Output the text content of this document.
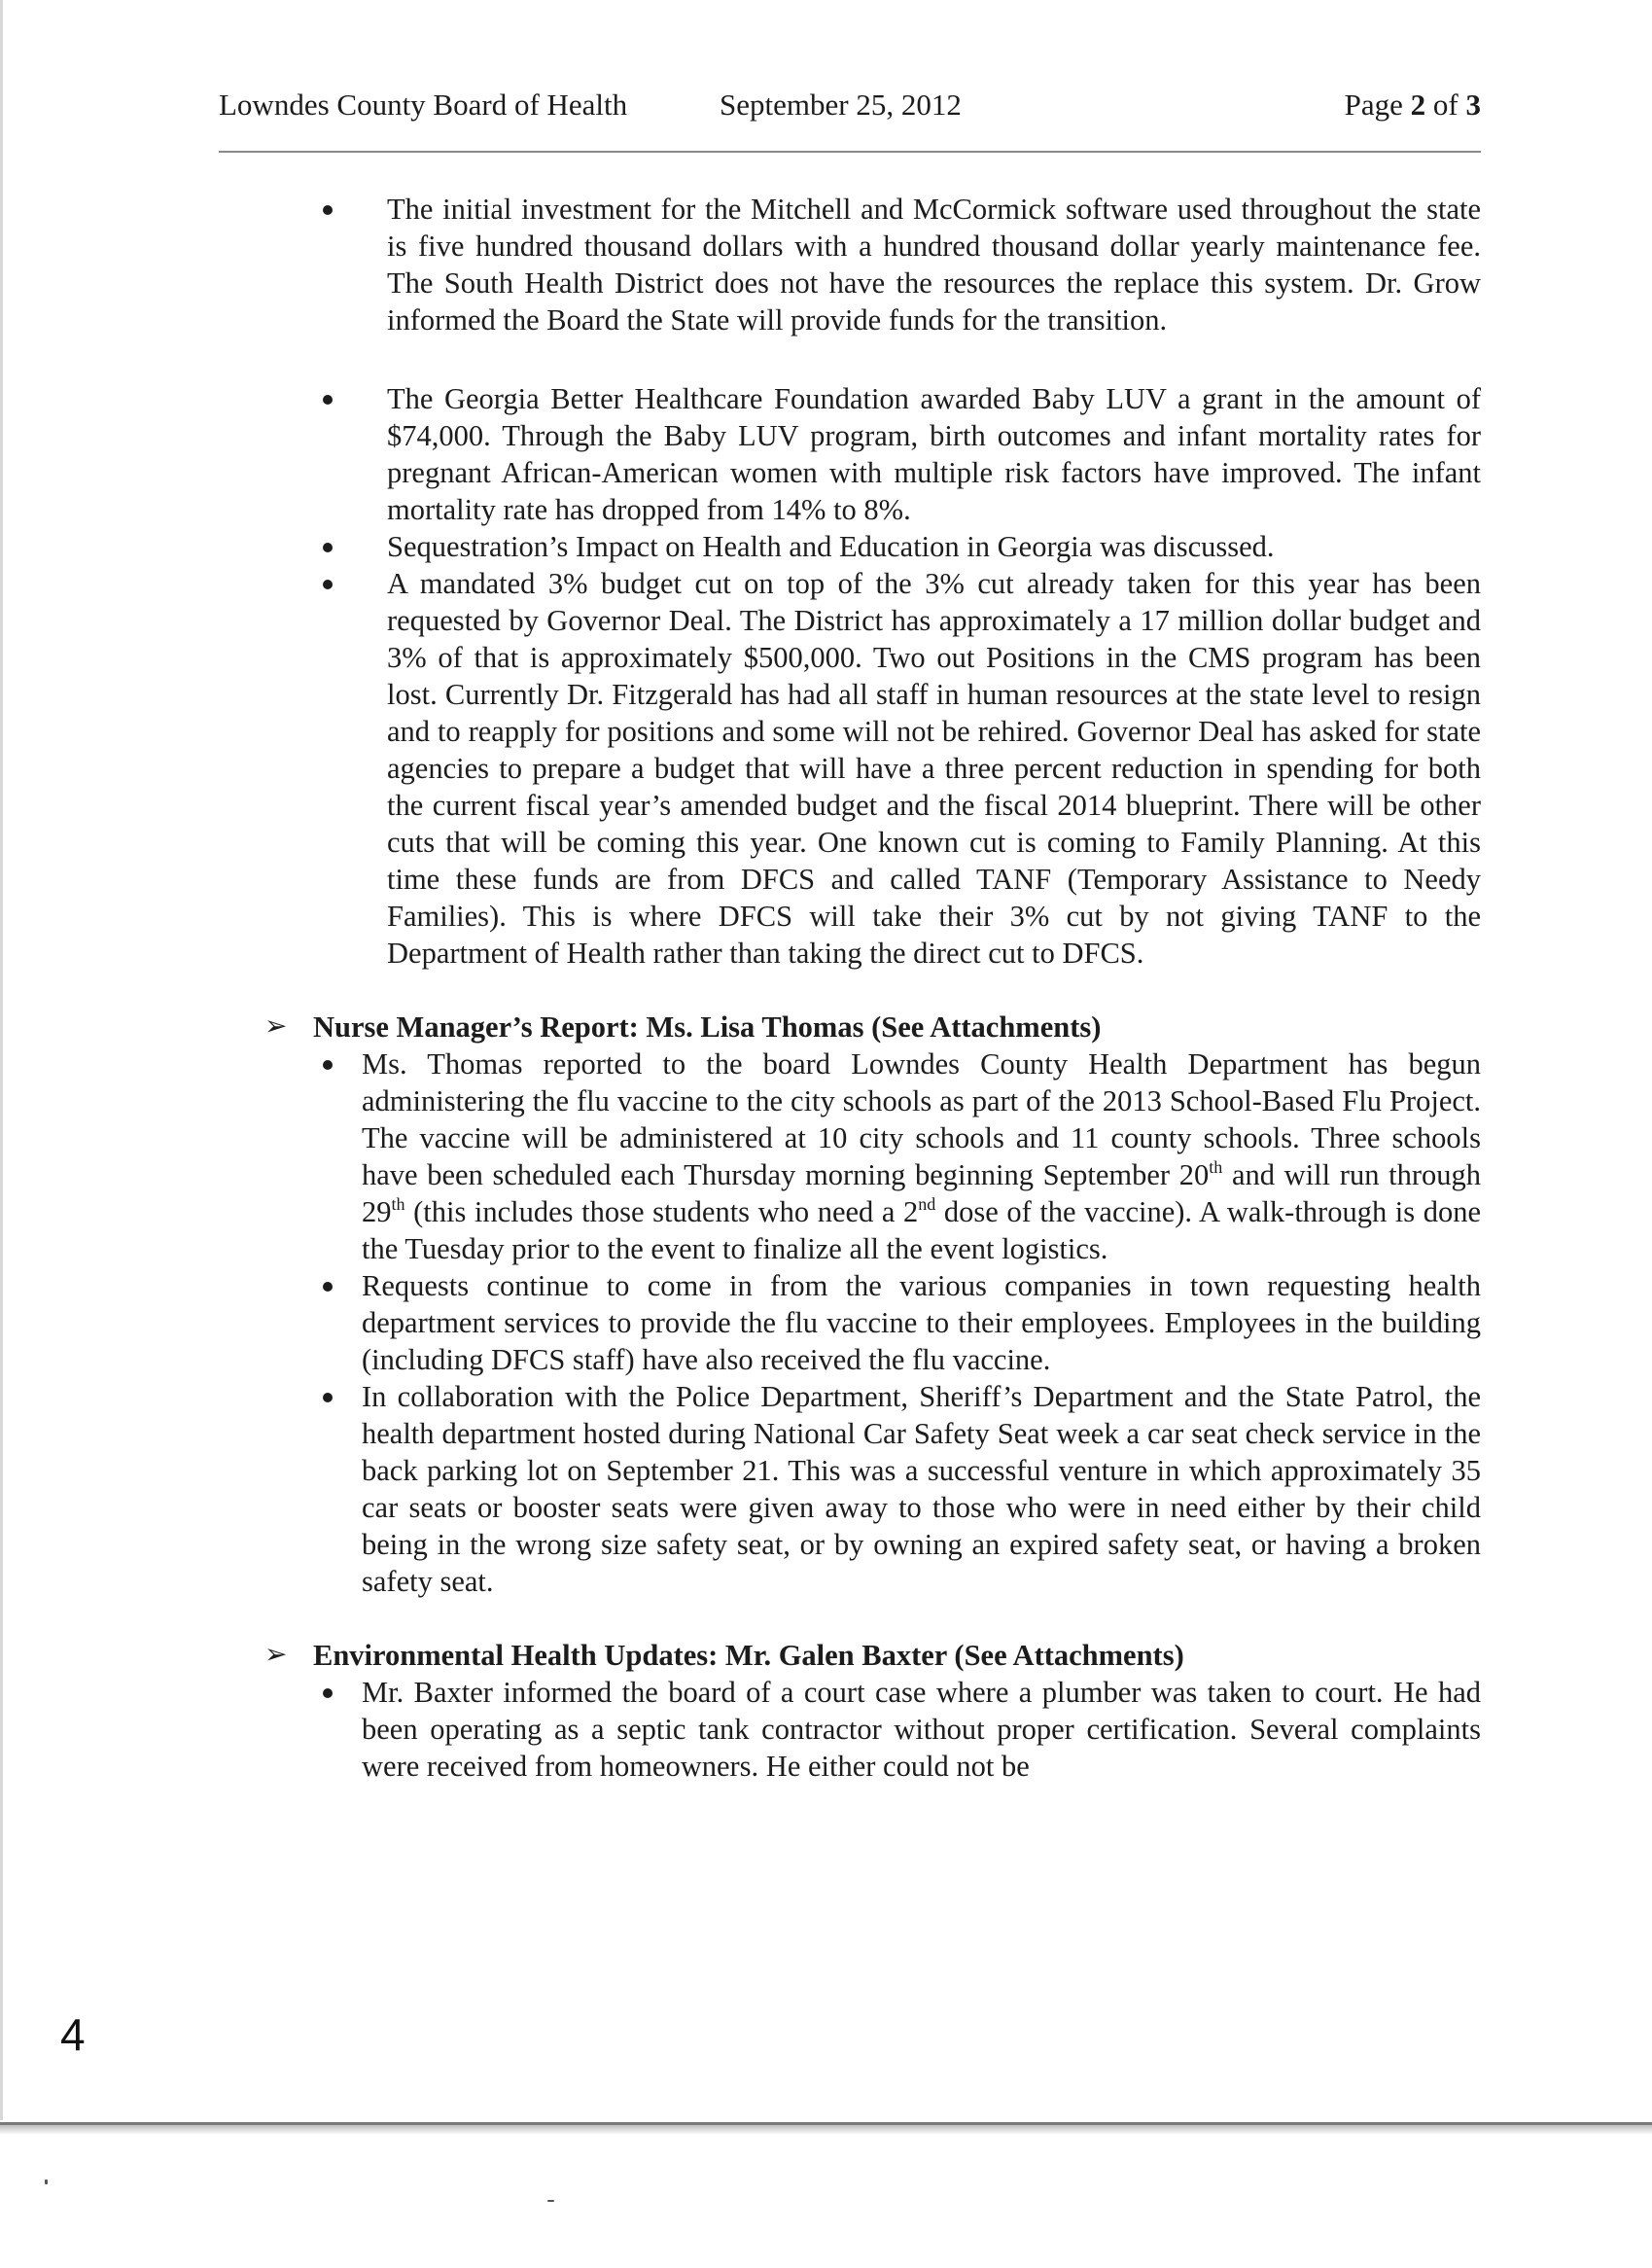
Lowndes County Board of Health	September 25, 2012	Page 2 of 3
The initial investment for the Mitchell and McCormick software used throughout the state is five hundred thousand dollars with a hundred thousand dollar yearly maintenance fee. The South Health District does not have the resources the replace this system. Dr. Grow informed the Board the State will provide funds for the transition.
The Georgia Better Healthcare Foundation awarded Baby LUV a grant in the amount of $74,000. Through the Baby LUV program, birth outcomes and infant mortality rates for pregnant African-American women with multiple risk factors have improved. The infant mortality rate has dropped from 14% to 8%.
Sequestration’s Impact on Health and Education in Georgia was discussed.
A mandated 3% budget cut on top of the 3% cut already taken for this year has been requested by Governor Deal. The District has approximately a 17 million dollar budget and 3% of that is approximately $500,000. Two out Positions in the CMS program has been lost. Currently Dr. Fitzgerald has had all staff in human resources at the state level to resign and to reapply for positions and some will not be rehired. Governor Deal has asked for state agencies to prepare a budget that will have a three percent reduction in spending for both the current fiscal year’s amended budget and the fiscal 2014 blueprint. There will be other cuts that will be coming this year. One known cut is coming to Family Planning. At this time these funds are from DFCS and called TANF (Temporary Assistance to Needy Families). This is where DFCS will take their 3% cut by not giving TANF to the Department of Health rather than taking the direct cut to DFCS.
➢ Nurse Manager’s Report: Ms. Lisa Thomas (See Attachments)
Ms. Thomas reported to the board Lowndes County Health Department has begun administering the flu vaccine to the city schools as part of the 2013 School-Based Flu Project. The vaccine will be administered at 10 city schools and 11 county schools. Three schools have been scheduled each Thursday morning beginning September 20th and will run through 29th (this includes those students who need a 2nd dose of the vaccine). A walk-through is done the Tuesday prior to the event to finalize all the event logistics.
Requests continue to come in from the various companies in town requesting health department services to provide the flu vaccine to their employees. Employees in the building (including DFCS staff) have also received the flu vaccine.
In collaboration with the Police Department, Sheriff’s Department and the State Patrol, the health department hosted during National Car Safety Seat week a car seat check service in the back parking lot on September 21. This was a successful venture in which approximately 35 car seats or booster seats were given away to those who were in need either by their child being in the wrong size safety seat, or by owning an expired safety seat, or having a broken safety seat.
➢ Environmental Health Updates: Mr. Galen Baxter (See Attachments)
Mr. Baxter informed the board of a court case where a plumber was taken to court. He had been operating as a septic tank contractor without proper certification. Several complaints were received from homeowners. He either could not be
4
